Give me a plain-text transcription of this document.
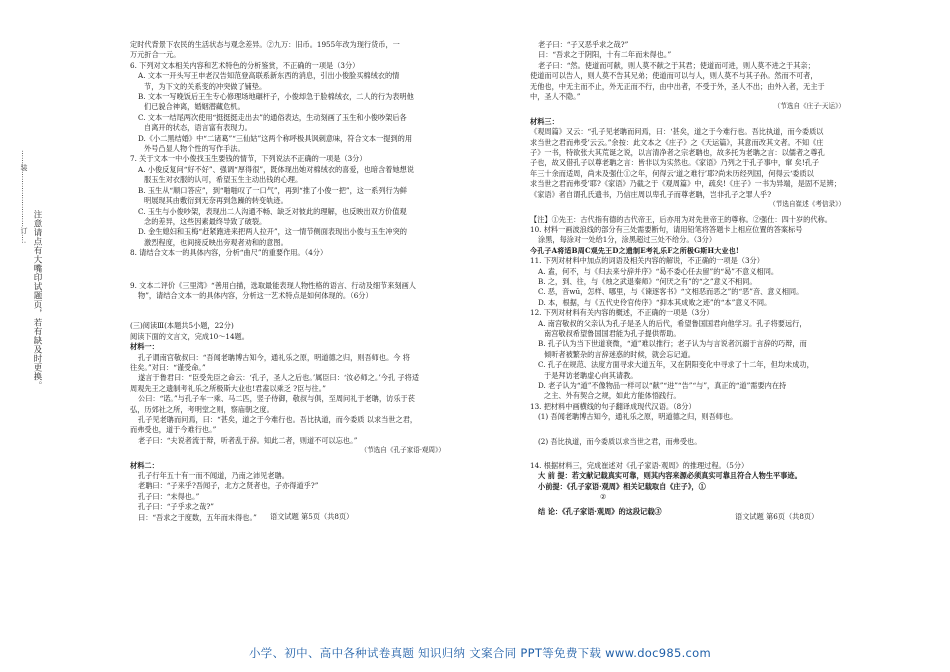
……装……………………订…:
注意请点有大嘴印试题页，若有缺及时更换。

定时代背景下农民的生活状态与观念差异。②九万：旧币。1955年改为现行货币，一

万元折合一元。

6. 下列对文本相关内容和艺术特色的分析鉴赏，不正确的一项是（3分）

A. 文本一开头写王申老汉告知范登高联系新东西的消息，引出小俊脸买棉绒衣的情

节，为下文的关系变的冲突做了铺垫。

B. 文本一写晚饭后王生专心修理场地碾杆子，小俊却急于脸棉绒衣，二人的行为表明他

们已貌合神离，婚姻潜藏危机。

C. 文本一结尾两次使用“挺挺挺走出去”的通俗表达，生动刻画了玉生和小俊吵架后各

自离开的状态，语言富有表现力。

D.《小二黑结婚》中“二诸葛”“三仙姑”这两个称呼极具讽刺意味，符合文本一提到的用

外号凸显人物个性的写作手法。

7. 关于文本一中小俊找玉生要钱的情节，下列说法不正确的一项是（3分）

A. 小俊反复问“好不好”、强调“厚得很”，既体现出她对棉绒衣的喜爱，也暗含着她想说

服玉生对衣服的认可，希望玉生主动出钱的心理。

B. 玉生从“顺口答应”，到“啪啪叹了一口气”，再到“推了小俊一把”，这一系列行为鲜

明展现其由敷衍到无奈再到急躁的转变轨迹。

C. 玉生与小俊吵架，表现出二人沟通不畅、缺乏对彼此的理解，也反映出双方价值观

念的差异，这些因素最终导致了破裂。

D. 金生媳妇和玉梅“赶紧跑进来把两人拉开”，这一情节侧面表现出小俊与玉生冲突的

激烈程度，也间接反映出旁观者劝和的意图。

8. 请结合文本一的具体内容，分析“曲尺”的重要作用。（4分）

9. 文本二评价《三里湾》“善用白描，选取最能表现人物性格的语言、行动及细节来刻画人

物”，请结合文本一的具体内容，分析这一艺术特点是如何体现的。（6分）

(三)阅读Ⅲ(本题共5小题，22分)

阅读下面的文言文，完成10～14题。

材料一：

孔子谓南宫敬叔曰：“吾闻老聃博古知今，通礼乐之原，明道德之归，则吾师也。今 将

往矣。”对曰：“谨受命。”

遂言于鲁君曰：“臣受先臣之命云：‘孔子，圣人之后也。’属臣曰：‘汝必师之。’今孔 子将适

周观先王之遗制考礼乐之所极斯大业也!君盍以乘乏 ?臣与往。”

公曰：“诺。”与孔子车一乘、马二匹，竖子侍御，敬叔与俱，至周问礼于老聃，访乐于苌

弘，历郊社之所，考明堂之则，察庙朝之度。

孔子见老聃而问焉，曰：“甚矣，道之于今难行也。吾比执道，而今委质 以求当世之君，

而弗受也，道于今难行也。”

老子曰：“夫说者流于辩，听者乱于辞。知此二者，则道不可以忘也。”

（节选自《孔子家语·观周》）

材料二：

孔子行年五十有一而不闻道，乃南之沛见老聃。

老聃曰：“子来乎?吾闻子，北方之贤者也，子亦得道乎?”

孔子曰：“未得也。”

孔子曰：“子乎求之哉?”

曰：“吾求之于度数，五年而未得也。”

老子曰：“子又恶乎求之哉?”

曰：“吾求之于阴阳，十有二年而未得也。”

老子曰：“然。使道而可献，则人莫不献之于其君；使道而可进，则人莫不进之于其亲；

使道而可以告人，则人莫不告其兄弟；使道而可以与人，则人莫不与其子孙。然而不可者，

无他也，中无主而不止，外无正而不行，由中出者，不受于外，圣人不出；由外入者，无主于

中，圣人不隐。”

（节选自《庄子·天运》）

材料三：

《观周篇》又云：“孔子见老聃而问焉，曰：‘甚矣，道之于今难行也。吾比执道，而今委质以

求当世之君而弗受’云云。”余按：此文本之《庄子》之《天运篇》，其意而改其文者。不知《庄

子》一书，特欲张大其荒诞之说，以言清净者之宗老聃也，故多托为老聃之言：以儒者之尊孔

子也，故又借孔子以尊老聃之言：皆非以为实然也。《家语》乃列之于孔子事中，窜 矣!孔子

年三十余而适周，尚未及强仕①之年，何得云‘道之难行’耶?尚未历经列国，何得云‘委质以

求当世之君而弗受’耶?《家语》乃截之于《观周篇》中，疏矣!《庄子》一书为异端，是固不足辨；

《家语》者自谓孔氏遗书，乃信庄周以卑孔子而尊老聃，岂非孔子之罪人乎?

（节选自崔述《考信录》）

【注】①先王：古代指有德的古代帝王，后亦用为对先世帝王的尊称。②强仕：四十岁的代称。

10. 材料一画波浪线的部分有三处需要断句，请用铅笔将答题卡上相应位置的答案标号

涂黑，每涂对一处给1分，涂黑超过三处不给分。（3分）

今孔子A将适B周C观先王D之遗制E考礼乐F之所极G斯H大业也!

11. 下列对材料中加点的词语及相关内容的解说，不正确的一项是（3分）

A. 盍，何不，与《归去来兮辞并序》“曷不委心任去留”的“曷”不意义相同。

B. 之，到、往，与《烛之武退秦师》“何厌之有”的“之”意义不相同。

C. 恶，音wū，怎样、哪里，与《谏逐客书》“文相恶而恶之”的“恶”音、意义相同。

D. 本，根据，与《五代史伶官传序》“抑本其成败之迹”的“本”意义不同。

12. 下列对材料有关内容的概述，不正确的一项是（3分）

A. 南宫敬叔的父亲认为孔子是圣人的后代，希望鲁国国君向他学习。孔子将要远行，

南宫敬叔希望鲁国国君能为孔子提供帮助。

B. 孔子认为当下世道衰微，“道”难以推行；老子认为与言说者沉溺于言辞的巧辩，而

倾听者被繁杂的言辞迷惑的时候，就会忘记道。

C. 孔子在规范、法度方面寻求大道五年，又在阴阳变化中寻求了十二年，但均未成功，

于是拜访老聃虚心向其请教。

D. 老子认为“道”不像物品一样可以“献”“进”“告”“与”，真正的“道”需要内在持

之主、外有契合之规，如此方能体悟践行。

13. 把材料中画横线的句子翻译成现代汉语。（8分）

(1) 吾闻老聃博古知今，通礼乐之原，明道德之归，则吾师也。

(2) 吾比执道，而今委质以求当世之君，而弗受也。

14. 根据材料三，完成崔述对《孔子家语·观周》的推理过程。（5分）

大 前 提：若文献记载真实可靠，则其内容来源必须真实可靠且符合人物生平事迹。

小前提：《孔子家语·观周》相关记载取自《庄子》，①

②

结 论：《孔子家语·观周》的这段记载③

语文试题 第5页（共8页）	语文试题 第6页（共8页）
小学、初中、高中各种试卷真题 知识归纳 文案合同 PPT等免费下载 www.doc985.com
